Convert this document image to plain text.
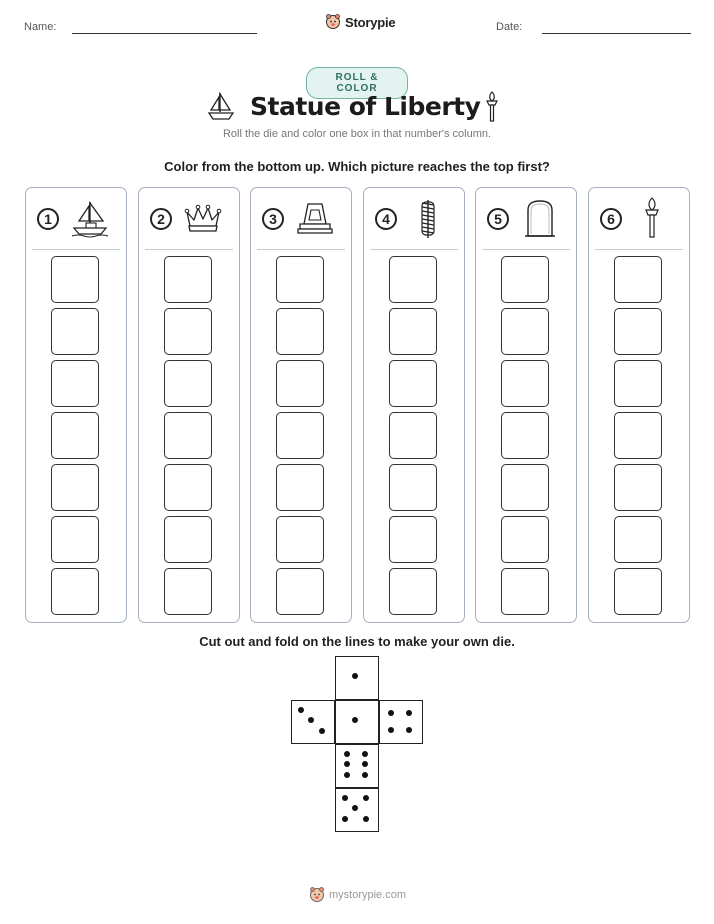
Name:	Storypie	Date:
ROLL & COLOR
Statue of Liberty
Roll the die and color one box in that number's column.
Color from the bottom up. Which picture reaches the top first?
1	2	3	4	5	6
Cut out and fold on the lines to make your own die.
mystorypie.com
